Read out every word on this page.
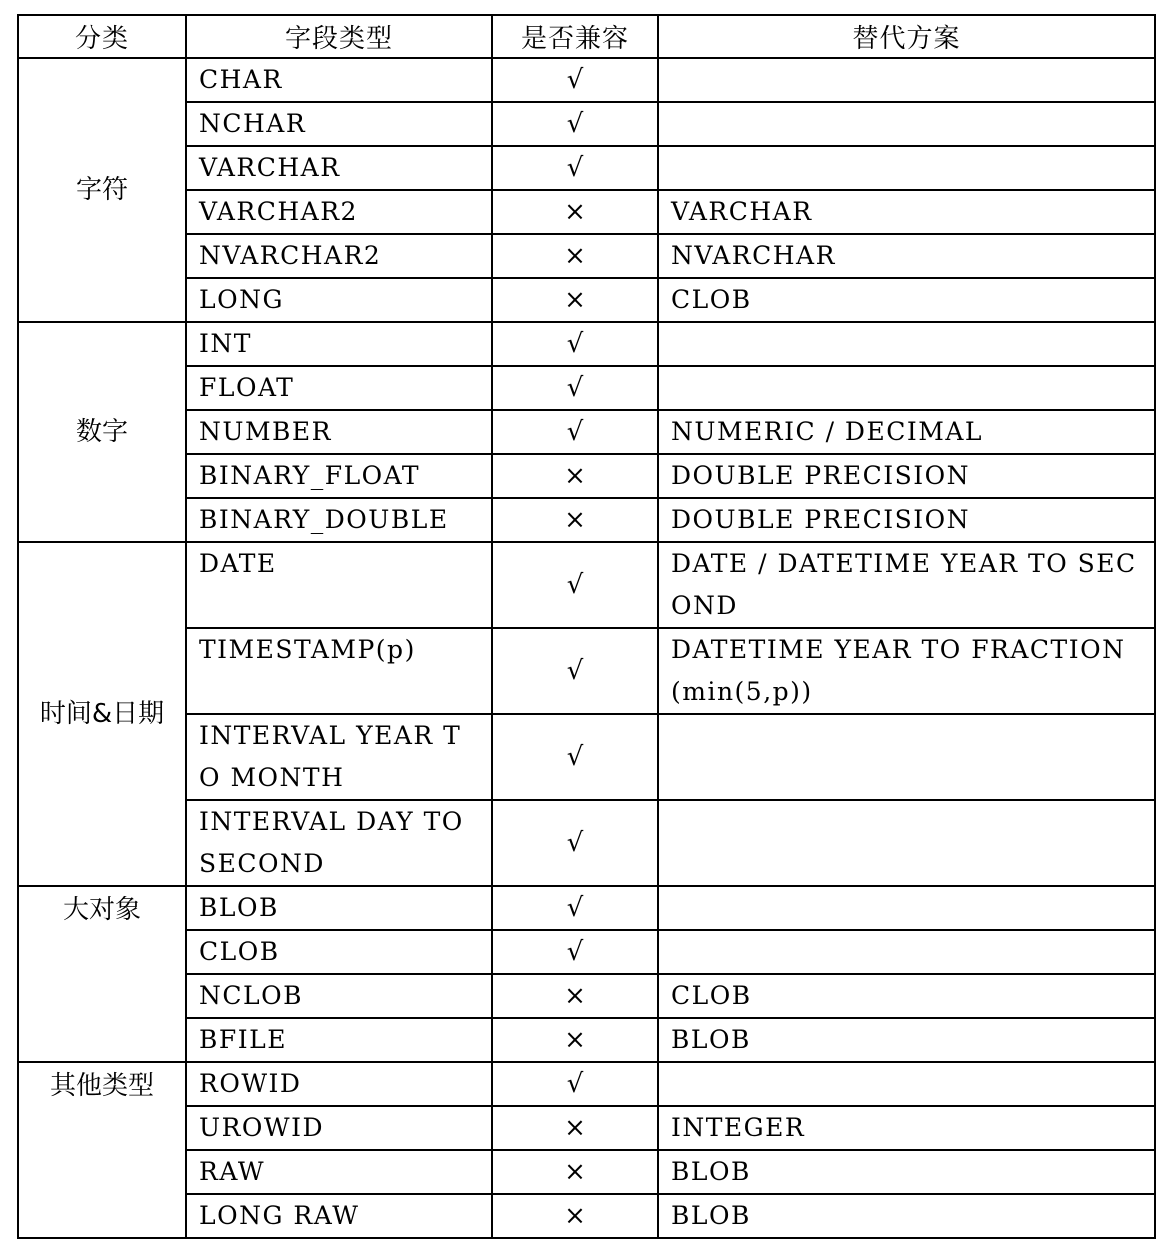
分类	字段类型	是否兼容	替代方案
字符	CHAR	√	
	NCHAR	√	
	VARCHAR	√	
	VARCHAR2	×	VARCHAR
	NVARCHAR2	×	NVARCHAR
	LONG	×	CLOB
数字	INT	√	
	FLOAT	√	
	NUMBER	√	NUMERIC / DECIMAL
	BINARY_FLOAT	×	DOUBLE PRECISION
	BINARY_DOUBLE	×	DOUBLE PRECISION
时间&日期	DATE	√	DATE / DATETIME YEAR TO SECOND
	TIMESTAMP(p)	√	DATETIME YEAR TO FRACTION(min(5,p))
	INTERVAL YEAR TO MONTH	√	
	INTERVAL DAY TO SECOND	√	
大对象	BLOB	√	
	CLOB	√	
	NCLOB	×	CLOB
	BFILE	×	BLOB
其他类型	ROWID	√	
	UROWID	×	INTEGER
	RAW	×	BLOB
	LONG RAW	×	BLOB
